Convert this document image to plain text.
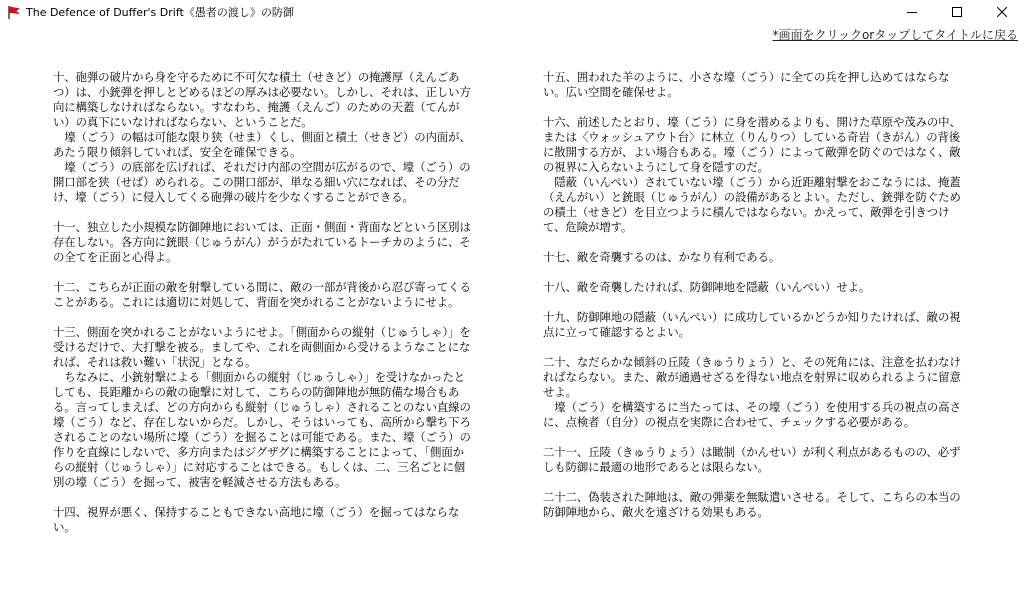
The Defence of Duffer's Drift《愚者の渡し》の防御
*画面をクリックorタップしてタイトルに戻る

十、砲弾の破片から身を守るために不可欠な積土（せきど）の掩護厚（えんごあつ）は、小銃弾を押しとどめるほどの厚みは必要ない。しかし、それは、正しい方向に構築しなければならない。すなわち、掩護（えんご）のための天蓋（てんがい）の真下にいなければならない、ということだ。

　壕（ごう）の幅は可能な限り狭（せま）くし、側面と積土（せきど）の内面が、あたう限り傾斜していれば、安全を確保できる。

　壕（ごう）の底部を広げれば、それだけ内部の空間が広がるので、壕（ごう）の開口部を狭（せば）められる。この開口部が、単なる細い穴になれば、その分だけ、壕（ごう）に侵入してくる砲弾の破片を少なくすることができる。

十一、独立した小規模な防御陣地においては、正面・側面・背面などという区別は存在しない。各方向に銃眼（じゅうがん）がうがたれているトーチカのように、その全てを正面と心得よ。

十二、こちらが正面の敵を射撃している間に、敵の一部が背後から忍び寄ってくることがある。これには適切に対処して、背面を突かれることがないようにせよ。

十三、側面を突かれることがないようにせよ。「側面からの縦射（じゅうしゃ）」を受けるだけで、大打撃を被る。ましてや、これを両側面から受けるようなことになれば、それは救い難い「状況」となる。

　ちなみに、小銃射撃による「側面からの縦射（じゅうしゃ）」を受けなかったとしても、長距離からの敵の砲撃に対して、こちらの防御陣地が無防備な場合もある。言ってしまえば、どの方向からも縦射（じゅうしゃ）されることのない直線の壕（ごう）など、存在しないからだ。しかし、そうはいっても、高所から撃ち下ろされることのない場所に壕（ごう）を掘ることは可能である。また、壕（ごう）の作りを直線にしないで、多方向またはジグザグに構築することによって、「側面からの縦射（じゅうしゃ）」に対応することはできる。もしくは、二、三名ごとに個別の壕（ごう）を掘って、被害を軽減させる方法もある。

十四、視界が悪く、保持することもできない高地に壕（ごう）を掘ってはならない。

十五、囲われた羊のように、小さな壕（ごう）に全ての兵を押し込めてはならない。広い空間を確保せよ。

十六、前述したとおり、壕（ごう）に身を潜めるよりも、開けた草原や茂みの中、または〈ウォッシュアウト台〉に林立（りんりつ）している奇岩（きがん）の背後に散開する方が、よい場合もある。壕（ごう）によって敵弾を防ぐのではなく、敵の視界に入らないようにして身を隠すのだ。

　隠蔽（いんぺい）されていない壕（ごう）から近距離射撃をおこなうには、掩蓋（えんがい）と銃眼（じゅうがん）の設備があるとよい。ただし、銃弾を防ぐための積土（せきど）を目立つように積んではならない。かえって、敵弾を引きつけて、危険が増す。

十七、敵を奇襲するのは、かなり有利である。

十八、敵を奇襲したければ、防御陣地を隠蔽（いんぺい）せよ。

十九、防御陣地の隠蔽（いんぺい）に成功しているかどうか知りたければ、敵の視点に立って確認するとよい。

二十、なだらかな傾斜の丘陵（きゅうりょう）と、その死角には、注意を払わなければならない。また、敵が通過せざるを得ない地点を射界に収められるように留意せよ。

　壕（ごう）を構築するに当たっては、その壕（ごう）を使用する兵の視点の高さに、点検者（自分）の視点を実際に合わせて、チェックする必要がある。

二十一、丘陵（きゅうりょう）は瞰制（かんせい）が利く利点があるものの、必ずしも防御に最適の地形であるとは限らない。

二十二、偽装された陣地は、敵の弾薬を無駄遣いさせる。そして、こちらの本当の防御陣地から、敵火を遠ざける効果もある。
